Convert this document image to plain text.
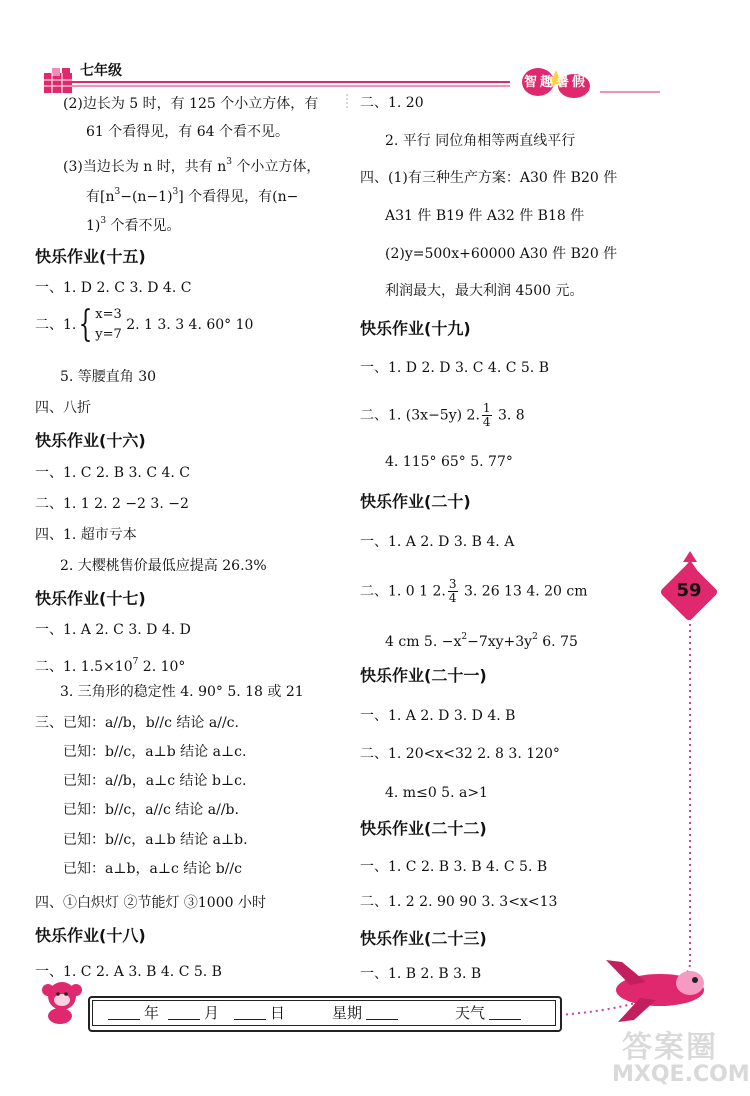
七年级
智趣暑假
(2)边长为 5 时，有 125 个小立方体，有
61 个看得见，有 64 个看不见。
(3)当边长为 n 时，共有 $n^3$ 个小立方体，
有$[n^3-(n-1)^3]$ 个看得见，有(n−
1)$^3$ 个看不见。
快乐作业(十五)
一、1. D 2. C 3. D 4. C
二、1.{ x=3
y=7
2. 1 3. 3 4. 60° 10
5. 等腰直角 30
四、八折
快乐作业(十六)
一、1. C 2. B 3. C 4. C
二、1. 1 2. 2 −2 3. −2
四、1. 超市亏本
2. 大樱桃售价最低应提高 26.3%
快乐作业(十七)
一、1. A 2. C 3. D 4. D
二、1. $1.5\times 10^7$ 2. 10°
3. 三角形的稳定性 4. 90° 5. 18 或 21
三、已知：a//b，b//c 结论 a//c.
已知：b//c，a⊥b 结论 a⊥c.
已知：a//b，a⊥c 结论 b⊥c.
已知：b//c，a//c 结论 a//b.
已知：b//c，a⊥b 结论 a⊥b.
已知：a⊥b，a⊥c 结论 b//c
四、①白炽灯 ②节能灯 ③1000 小时
快乐作业(十八)
一、1. C 2. A 3. B 4. C 5. B
二、1. 20
2. 平行 同位角相等两直线平行
四、(1)有三种生产方案：A30 件 B20 件
A31 件 B19 件 A32 件 B18 件
(2)y=500x+60000 A30 件 B20 件
利润最大，最大利润 4500 元。
快乐作业(十九)
一、1. D 2. D 3. C 4. C 5. B
二、1. (3x−5y) 2. $\frac{1}{4} 3$. 8
4. 115° 65° 5. 77°
快乐作业(二十)
一、1. A 2. D 3. B 4. A
二、1. 0 1 2. $\frac{3}{4} 3$. 26 13 4. 20 cm
4 cm 5. $-x^2-7xy+3y^2$ 6. 75
快乐作业(二十一)
一、1. A 2. D 3. D 4. B
二、1. 20<x<32 2. 8 3. 120°
4. m≤0 5. a>1
快乐作业(二十二)
一、1. C 2. B 3. B 4. C 5. B
二、1. 2 2. 90 90 3. 3<x<13
快乐作业(二十三)
一、1. B 2. B 3. B
59
年	月	日	星期	天气
答案圈
MXQE.COM
